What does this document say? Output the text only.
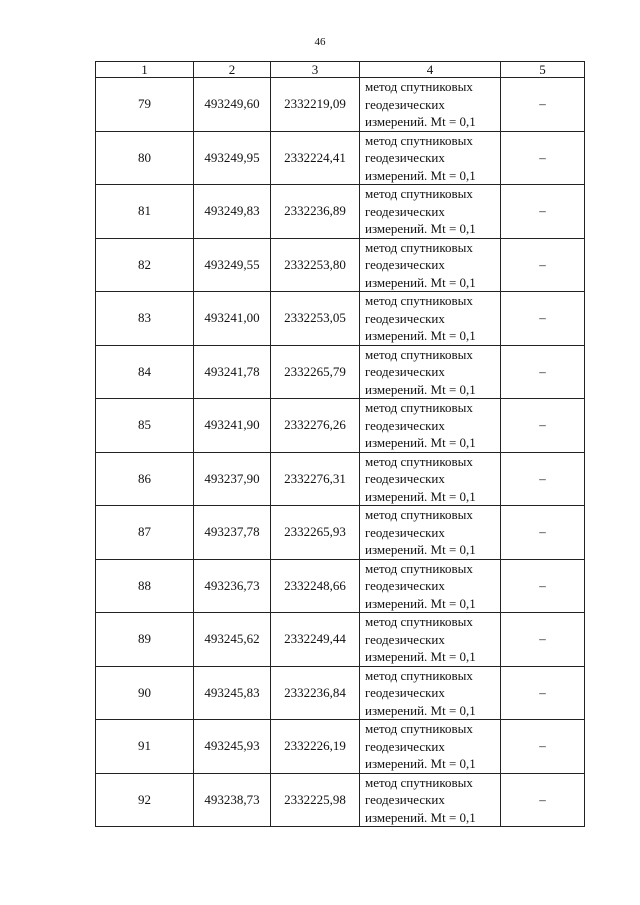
46
1	2	3	4	5
79	493249,60	2332219,09	метод спутниковых
геодезических
измерений. Mt = 0,1	–
80	493249,95	2332224,41	метод спутниковых
геодезических
измерений. Mt = 0,1	–
81	493249,83	2332236,89	метод спутниковых
геодезических
измерений. Mt = 0,1	–
82	493249,55	2332253,80	метод спутниковых
геодезических
измерений. Mt = 0,1	–
83	493241,00	2332253,05	метод спутниковых
геодезических
измерений. Mt = 0,1	–
84	493241,78	2332265,79	метод спутниковых
геодезических
измерений. Mt = 0,1	–
85	493241,90	2332276,26	метод спутниковых
геодезических
измерений. Mt = 0,1	–
86	493237,90	2332276,31	метод спутниковых
геодезических
измерений. Mt = 0,1	–
87	493237,78	2332265,93	метод спутниковых
геодезических
измерений. Mt = 0,1	–
88	493236,73	2332248,66	метод спутниковых
геодезических
измерений. Mt = 0,1	–
89	493245,62	2332249,44	метод спутниковых
геодезических
измерений. Mt = 0,1	–
90	493245,83	2332236,84	метод спутниковых
геодезических
измерений. Mt = 0,1	–
91	493245,93	2332226,19	метод спутниковых
геодезических
измерений. Mt = 0,1	–
92	493238,73	2332225,98	метод спутниковых
геодезических
измерений. Mt = 0,1	–
